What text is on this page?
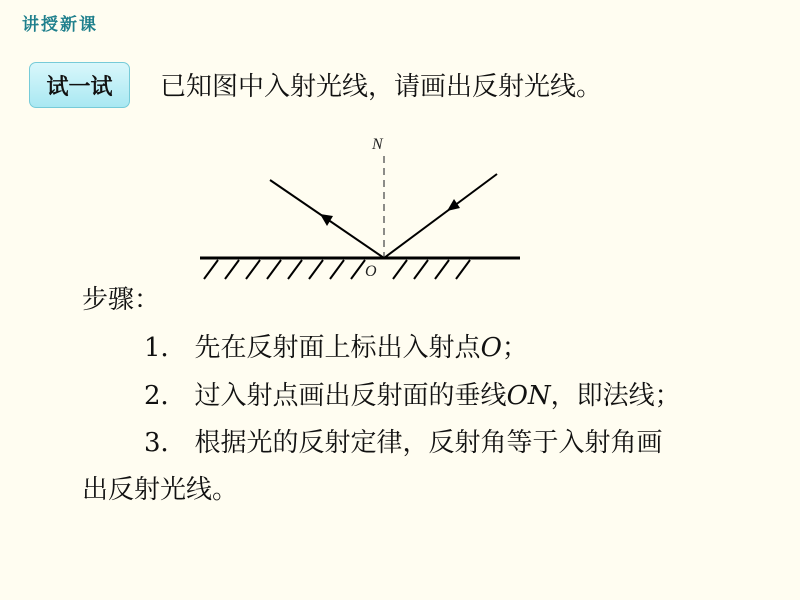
讲授新课
试一试	已知图中入射光线，请画出反射光线。
N
O
步骤：
1． 先在反射面上标出入射点O；
2． 过入射点画出反射面的垂线ON，即法线；
3． 根据光的反射定律，反射角等于入射角画
出反射光线。
